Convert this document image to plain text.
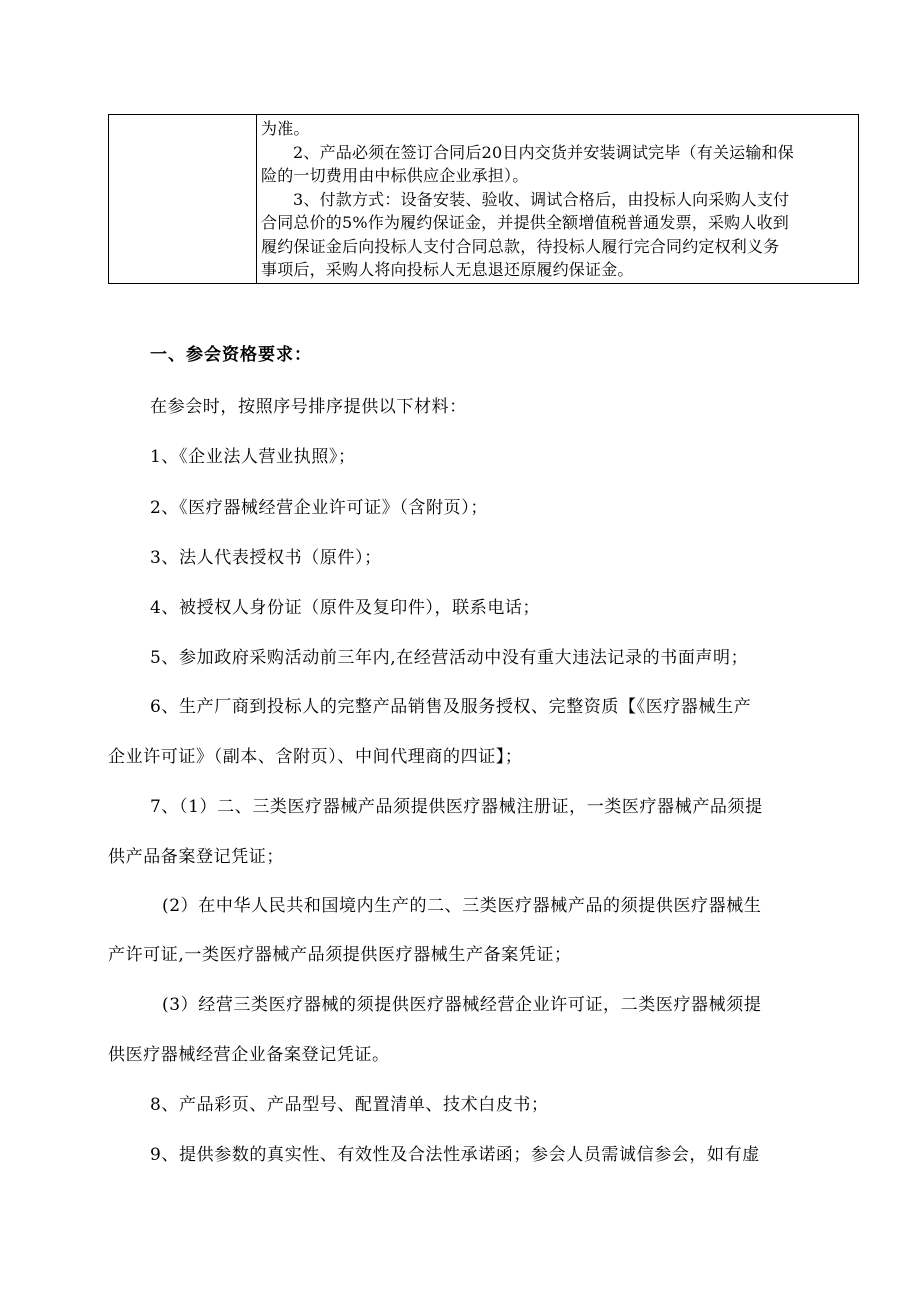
为准。
2、产品必须在签订合同后20日内交货并安装调试完毕（有关运输和保
险的一切费用由中标供应企业承担）。
3、付款方式：设备安装、验收、调试合格后，由投标人向采购人支付
合同总价的5%作为履约保证金，并提供全额增值税普通发票，采购人收到
履约保证金后向投标人支付合同总款，待投标人履行完合同约定权利义务
事项后，采购人将向投标人无息退还原履约保证金。
一、参会资格要求：
在参会时，按照序号排序提供以下材料：
1、《企业法人营业执照》；
2、《医疗器械经营企业许可证》（含附页）；
3、法人代表授权书（原件）；
4、被授权人身份证（原件及复印件），联系电话；
5、参加政府采购活动前三年内,在经营活动中没有重大违法记录的书面声明；
6、生产厂商到投标人的完整产品销售及服务授权、完整资质【《医疗器械生产
企业许可证》（副本、含附页）、中间代理商的四证】；
7、（1）二、三类医疗器械产品须提供医疗器械注册证，一类医疗器械产品须提
供产品备案登记凭证；
(2）在中华人民共和国境内生产的二、三类医疗器械产品的须提供医疗器械生
产许可证,一类医疗器械产品须提供医疗器械生产备案凭证；
(3）经营三类医疗器械的须提供医疗器械经营企业许可证，二类医疗器械须提
供医疗器械经营企业备案登记凭证。
8、产品彩页、产品型号、配置清单、技术白皮书；
9、提供参数的真实性、有效性及合法性承诺函；参会人员需诚信参会，如有虚
